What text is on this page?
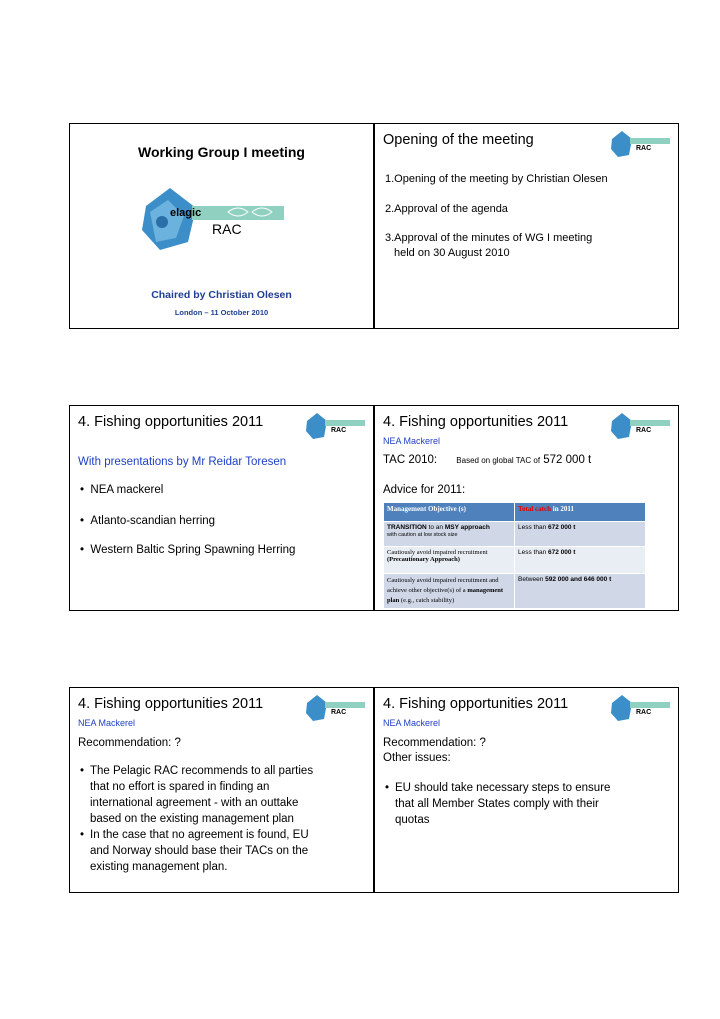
Working Group I meeting
elagic
RAC
Chaired by Christian Olesen
London – 11 October 2010
Opening of the meeting
RAC
1.Opening of the meeting by Christian Olesen
2.Approval of the agenda
3.Approval of the minutes of WG I meeting
held on 30 August 2010
4. Fishing opportunities 2011
RAC
With presentations by Mr Reidar Toresen
•  NEA mackerel
•  Atlanto-scandian herring
•  Western Baltic Spring Spawning Herring
4. Fishing opportunities 2011
RAC
NEA Mackerel
TAC 2010: Based on global TAC of 572 000 t
Advice for 2011:
Management Objective (s)	Total catch in 2011
TRANSITION to an MSY approach
with caution at low stock size	Less than 672 000 t
Cautiously avoid impaired recruitment
(Precautionary Approach)	Less than 672 000 t
Cautiously avoid impaired recruitment and achieve other objective(s) of a management plan (e.g., catch stability)	Between 592 000 and 646 000 t
4. Fishing opportunities 2011
RAC
NEA Mackerel
Recommendation: ?
• The Pelagic RAC recommends to all parties
that no effort is spared in finding an
international agreement - with an outtake
based on the existing management plan
• In the case that no agreement is found, EU
and Norway should base their TACs on the
existing management plan.
4. Fishing opportunities 2011
RAC
NEA Mackerel
Recommendation: ?
Other issues:
• EU should take necessary steps to ensure
that all Member States comply with their
quotas
